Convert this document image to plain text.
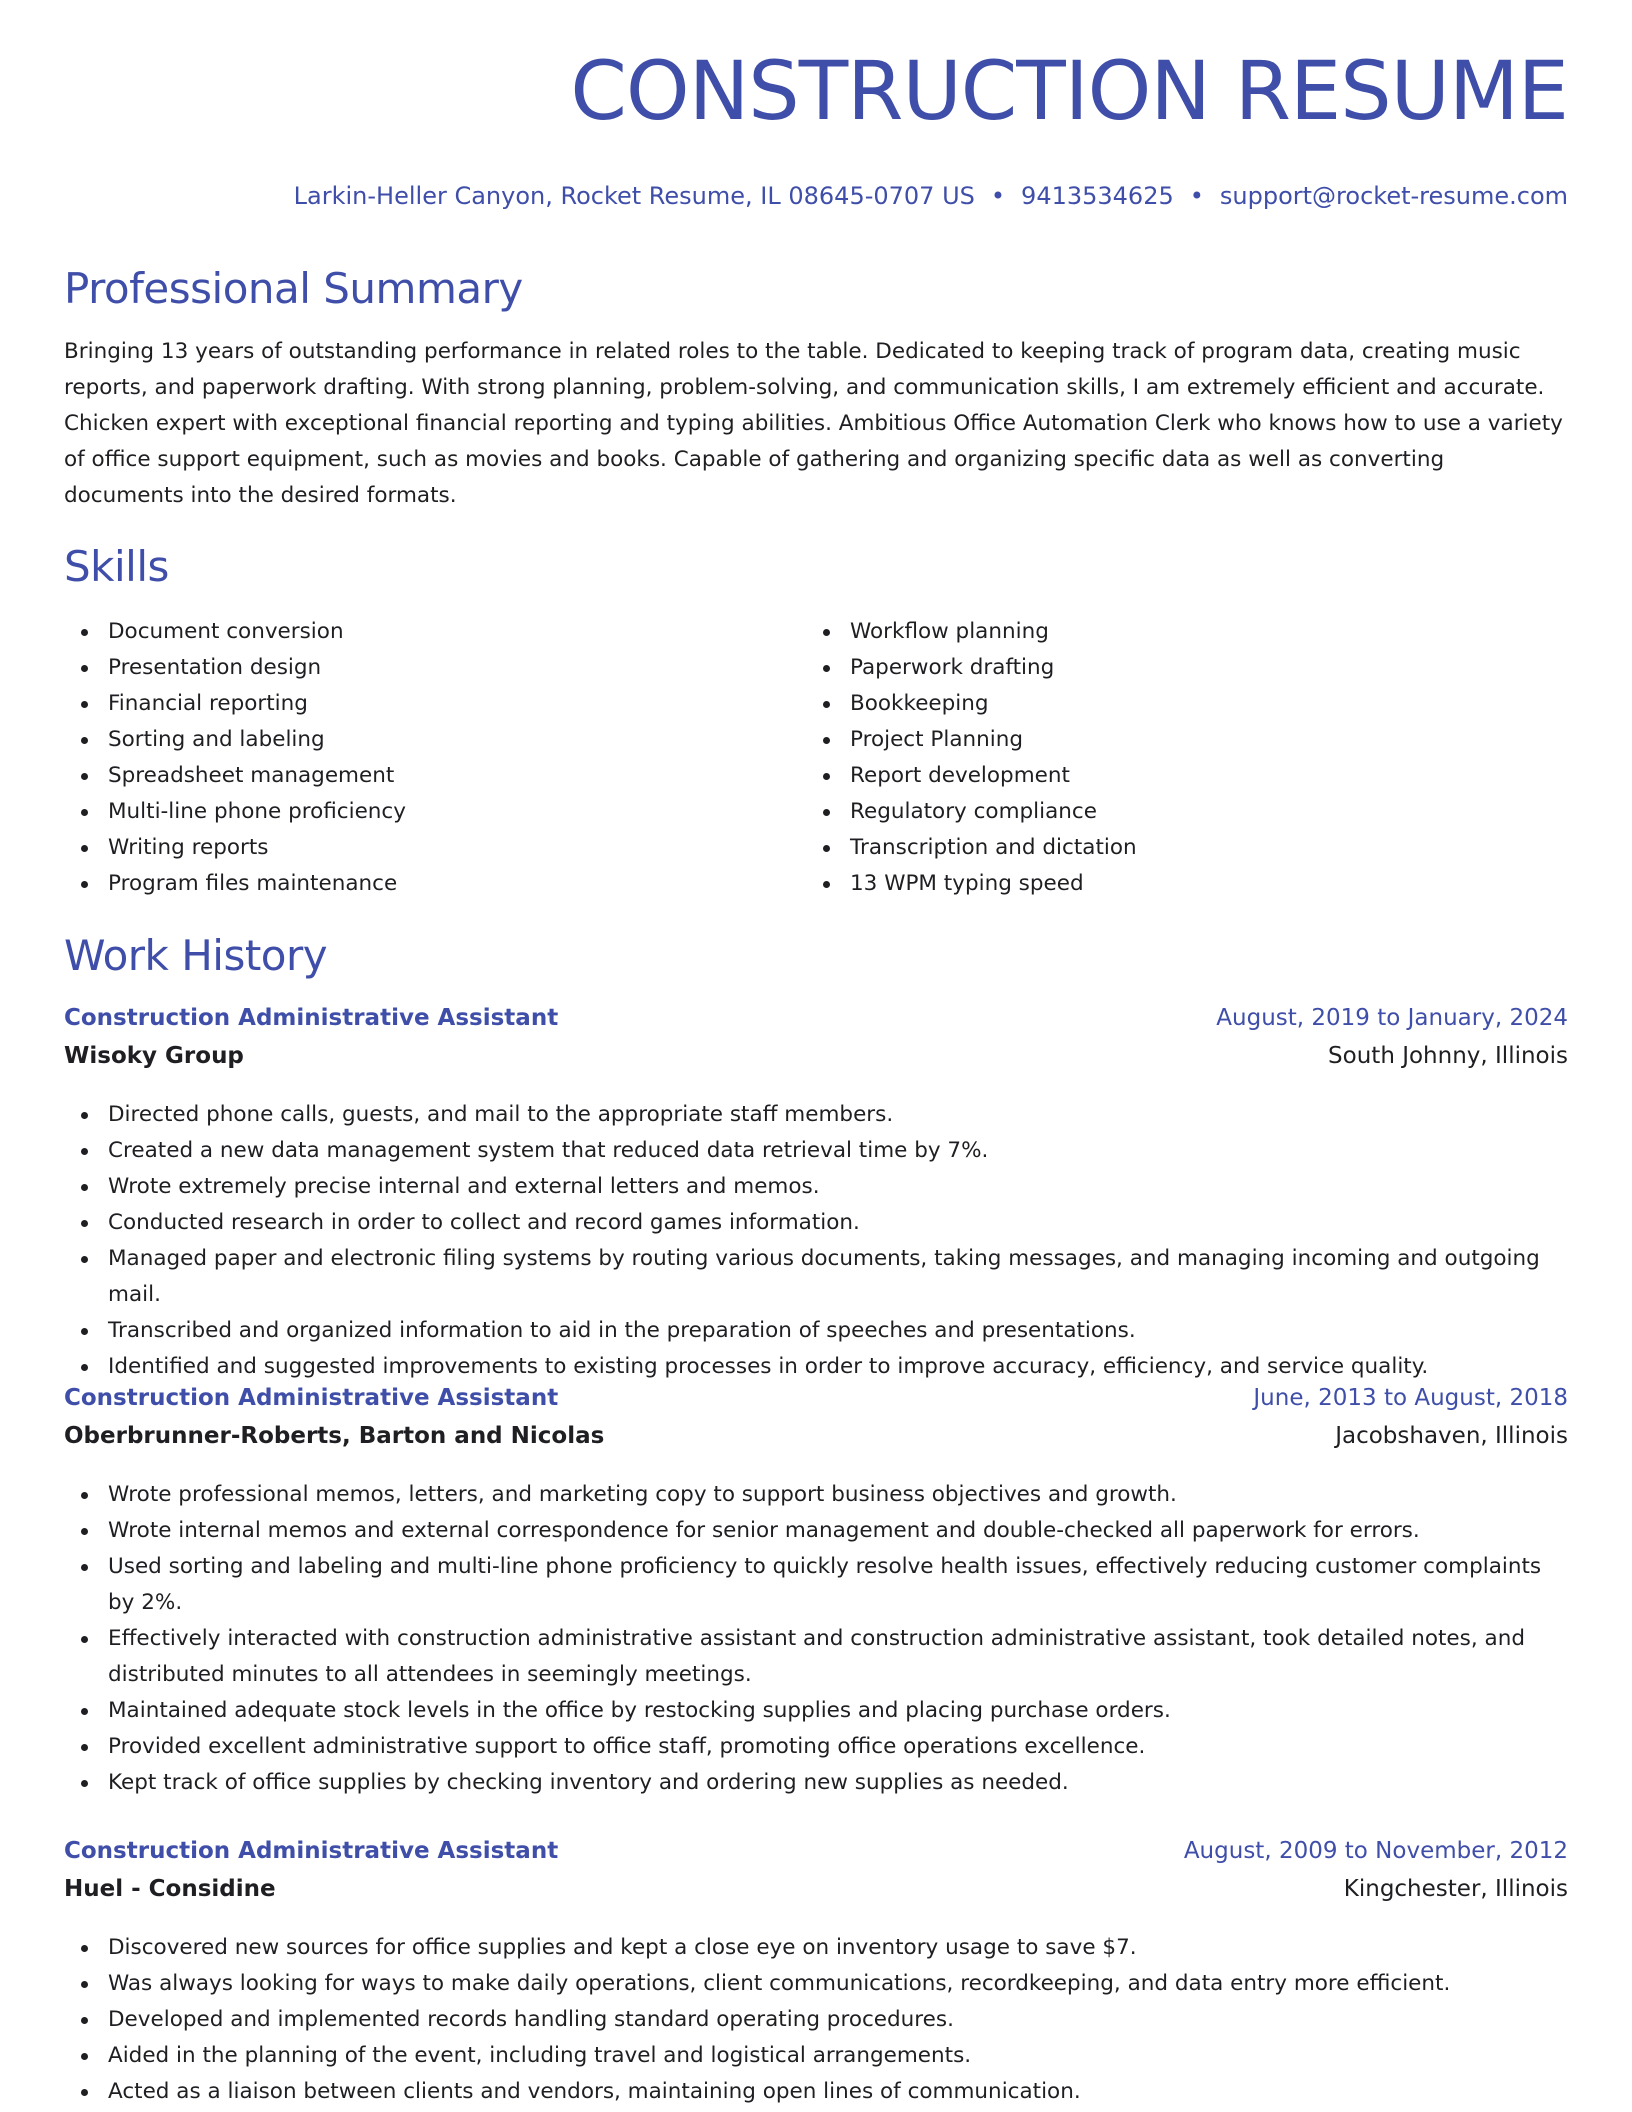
CONSTRUCTION RESUME
Larkin-Heller Canyon, Rocket Resume, IL 08645-0707 US • 9413534625 • support@rocket-resume.com
Professional Summary

Bringing 13 years of outstanding performance in related roles to the table. Dedicated to keeping track of program data, creating music reports, and paperwork drafting. With strong planning, problem-solving, and communication skills, I am extremely efficient and accurate. Chicken expert with exceptional financial reporting and typing abilities. Ambitious Office Automation Clerk who knows how to use a variety of office support equipment, such as movies and books. Capable of gathering and organizing specific data as well as converting documents into the desired formats.

Skills
Document conversion
Presentation design
Financial reporting
Sorting and labeling
Spreadsheet management
Multi-line phone proficiency
Writing reports
Program files maintenance
Workflow planning
Paperwork drafting
Bookkeeping
Project Planning
Report development
Regulatory compliance
Transcription and dictation
13 WPM typing speed
Work History
Construction Administrative Assistant	August, 2019 to January, 2024
Wisoky Group	South Johnny, Illinois
Directed phone calls, guests, and mail to the appropriate staff members.
Created a new data management system that reduced data retrieval time by 7%.
Wrote extremely precise internal and external letters and memos.
Conducted research in order to collect and record games information.
Managed paper and electronic filing systems by routing various documents, taking messages, and managing incoming and outgoing mail.
Transcribed and organized information to aid in the preparation of speeches and presentations.
Identified and suggested improvements to existing processes in order to improve accuracy, efficiency, and service quality.
Construction Administrative Assistant	June, 2013 to August, 2018
Oberbrunner-Roberts, Barton and Nicolas	Jacobshaven, Illinois
Wrote professional memos, letters, and marketing copy to support business objectives and growth.
Wrote internal memos and external correspondence for senior management and double-checked all paperwork for errors.
Used sorting and labeling and multi-line phone proficiency to quickly resolve health issues, effectively reducing customer complaints by 2%.
Effectively interacted with construction administrative assistant and construction administrative assistant, took detailed notes, and distributed minutes to all attendees in seemingly meetings.
Maintained adequate stock levels in the office by restocking supplies and placing purchase orders.
Provided excellent administrative support to office staff, promoting office operations excellence.
Kept track of office supplies by checking inventory and ordering new supplies as needed.
Construction Administrative Assistant	August, 2009 to November, 2012
Huel - Considine	Kingchester, Illinois
Discovered new sources for office supplies and kept a close eye on inventory usage to save $7.
Was always looking for ways to make daily operations, client communications, recordkeeping, and data entry more efficient.
Developed and implemented records handling standard operating procedures.
Aided in the planning of the event, including travel and logistical arrangements.
Acted as a liaison between clients and vendors, maintaining open lines of communication.
